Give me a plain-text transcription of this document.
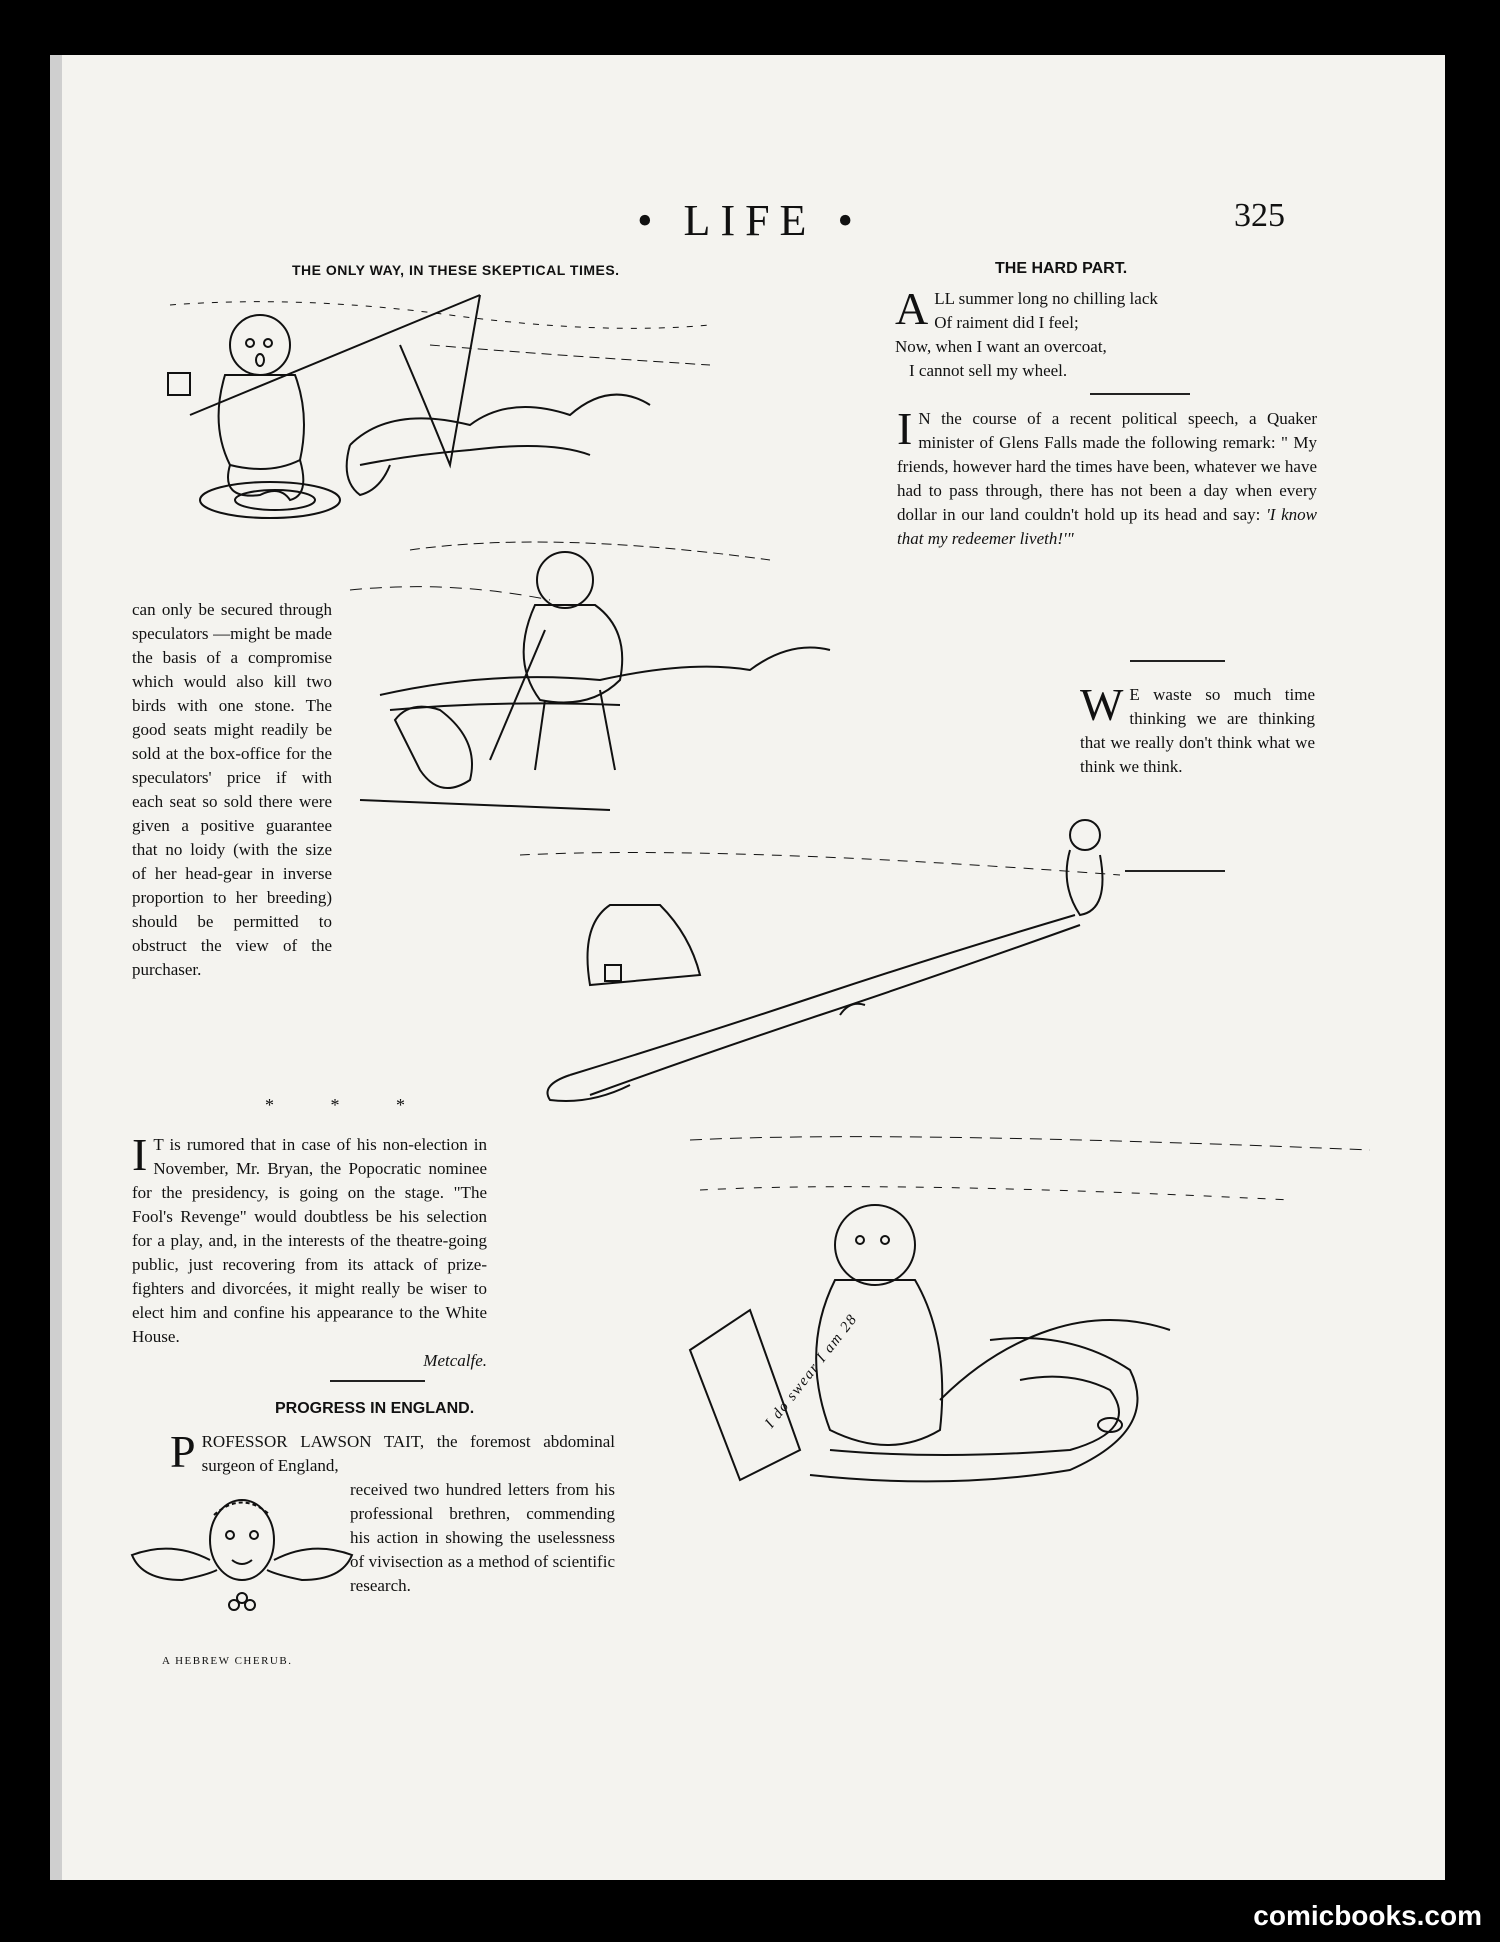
• LIFE •	325
THE ONLY WAY, IN THESE SKEPTICAL TIMES.
I do swear I am 28

can only be secured through speculators —might be made the basis of a compromise which would also kill two birds with one stone. The good seats might readily be sold at the box-office for the speculators' price if with each seat so sold there were given a positive guarantee that no loidy (with the size of her head-gear in inverse proportion to her breeding) should be permitted to obstruct the view of the purchaser.

* * *
I T is rumored that in case of his non-election in November, Mr. Bryan, the Popocratic nominee for the presidency, is going on the stage. "The Fool's Revenge" would doubtless be his selection for a play, and, in the interests of the theatre-going public, just recovering from its attack of prize-fighters and divorcées, it might really be wiser to elect him and confine his appearance to the White House.
Metcalfe.
PROGRESS IN ENGLAND.
P ROFESSOR LAWSON TAIT, the foremost abdominal surgeon of England,
received two hundred letters from his professional brethren, commending his action in showing the uselessness of vivisection as a method of scientific research.
A HEBREW CHERUB.
THE HARD PART.
A LL summer long no chilling lack
Of raiment did I feel;
Now, when I want an overcoat,
I cannot sell my wheel.
I N the course of a recent political speech, a Quaker minister of Glens Falls made the following remark: " My friends, however hard the times have been, whatever we have had to pass through, there has not been a day when every dollar in our land couldn't hold up its head and say: 'I know that my redeemer liveth!'"
W E waste so much time thinking we are thinking that we really don't think what we think we think.
comicbooks.com
